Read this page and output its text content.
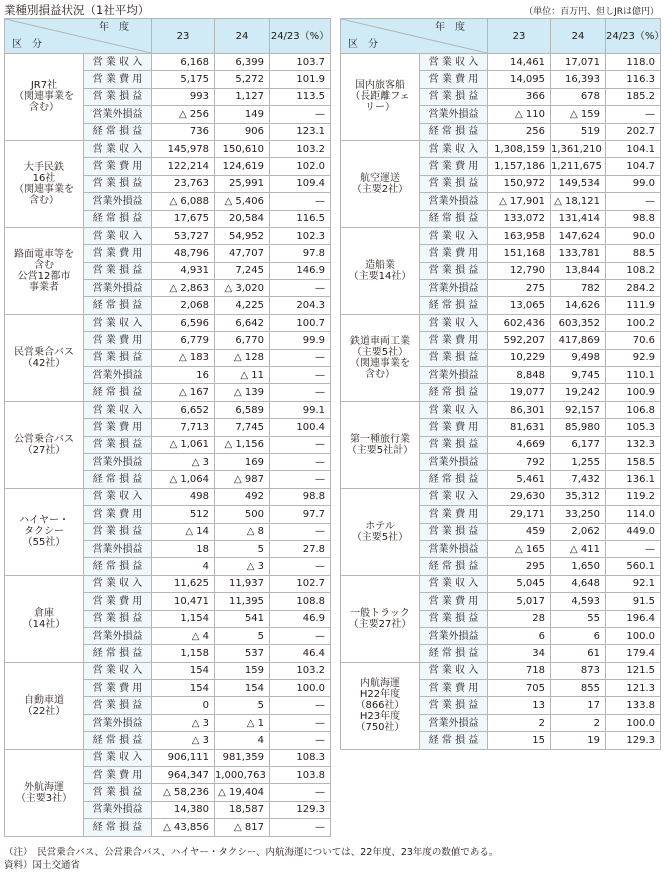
業種別損益状況（1社平均）	（単位：百万円、但しJRは億円）
年　度
区　分		23	24	24/23（%）

JR7社
（関連事業を
含む）	営 業 収 入	6,168	6,399	103.7
	営 業 費 用	5,175	5,272	101.9
	営 業 損 益	993	1,127	113.5
	営業外損益	△ 256	149	—
	経 常 損 益	736	906	123.1

大手民鉄
16社
（関連事業を
含む）	営 業 収 入	145,978	150,610	103.2
	営 業 費 用	122,214	124,619	102.0
	営 業 損 益	23,763	25,991	109.4
	営業外損益	△ 6,088	△ 5,406	—
	経 常 損 益	17,675	20,584	116.5

路面電車等を
含む
公営12都市
事業者	営 業 収 入	53,727	54,952	102.3
	営 業 費 用	48,796	47,707	97.8
	営 業 損 益	4,931	7,245	146.9
	営業外損益	△ 2,863	△ 3,020	—
	経 常 損 益	2,068	4,225	204.3

民営乗合バス
（42社）	営 業 収 入	6,596	6,642	100.7
	営 業 費 用	6,779	6,770	99.9
	営 業 損 益	△ 183	△ 128	—
	営業外損益	16	△ 11	—
	経 常 損 益	△ 167	△ 139	—

公営乗合バス
（27社）	営 業 収 入	6,652	6,589	99.1
	営 業 費 用	7,713	7,745	100.4
	営 業 損 益	△ 1,061	△ 1,156	—
	営業外損益	△ 3	169	—
	経 常 損 益	△ 1,064	△ 987	—

ハイヤー・
タクシー
（55社）	営 業 収 入	498	492	98.8
	営 業 費 用	512	500	97.7
	営 業 損 益	△ 14	△ 8	—
	営業外損益	18	5	27.8
	経 常 損 益	4	△ 3	—

倉庫
（14社）	営 業 収 入	11,625	11,937	102.7
	営 業 費 用	10,471	11,395	108.8
	営 業 損 益	1,154	541	46.9
	営業外損益	△ 4	5	—
	経 常 損 益	1,158	537	46.4

自動車道
（22社）	営 業 収 入	154	159	103.2
	営 業 費 用	154	154	100.0
	営 業 損 益	0	5	—
	営業外損益	△ 3	△ 1	—
	経 常 損 益	△ 3	4	—

外航海運
（主要3社）	営 業 収 入	906,111	981,359	108.3
	営 業 費 用	964,347	1,000,763	103.8
	営 業 損 益	△ 58,236	△ 19,404	—
	営業外損益	14,380	18,587	129.3
	経 常 損 益	△ 43,856	△ 817	—
年　度
区　分		23	24	24/23（%）

国内旅客船
（長距離フェ
リー）	営 業 収 入	14,461	17,071	118.0
	営 業 費 用	14,095	16,393	116.3
	営 業 損 益	366	678	185.2
	営業外損益	△ 110	△ 159	—
	経 常 損 益	256	519	202.7

航空運送
（主要2社）	営 業 収 入	1,308,159	1,361,210	104.1
	営 業 費 用	1,157,186	1,211,675	104.7
	営 業 損 益	150,972	149,534	99.0
	営業外損益	△ 17,901	△ 18,121	—
	経 常 損 益	133,072	131,414	98.8

造船業
（主要14社）	営 業 収 入	163,958	147,624	90.0
	営 業 費 用	151,168	133,781	88.5
	営 業 損 益	12,790	13,844	108.2
	営業外損益	275	782	284.2
	経 常 損 益	13,065	14,626	111.9

鉄道車両工業
（主要5社）
（関連事業を
含む）	営 業 収 入	602,436	603,352	100.2
	営 業 費 用	592,207	417,869	70.6
	営 業 損 益	10,229	9,498	92.9
	営業外損益	8,848	9,745	110.1
	経 常 損 益	19,077	19,242	100.9

第一種旅行業
（主要5社計）	営 業 収 入	86,301	92,157	106.8
	営 業 費 用	81,631	85,980	105.3
	営 業 損 益	4,669	6,177	132.3
	営業外損益	792	1,255	158.5
	経 常 損 益	5,461	7,432	136.1

ホテル
（主要5社）	営 業 収 入	29,630	35,312	119.2
	営 業 費 用	29,171	33,250	114.0
	営 業 損 益	459	2,062	449.0
	営業外損益	△ 165	△ 411	—
	経 常 損 益	295	1,650	560.1

一般トラック
（主要27社）	営 業 収 入	5,045	4,648	92.1
	営 業 費 用	5,017	4,593	91.5
	営 業 損 益	28	55	196.4
	営業外損益	6	6	100.0
	経 常 損 益	34	61	179.4

内航海運
H22年度
（866社）
H23年度
（750社）	営 業 収 入	718	873	121.5
	営 業 費 用	705	855	121.3
	営 業 損 益	13	17	133.8
	営業外損益	2	2	100.0
	経 常 損 益	15	19	129.3
（注）　民営乗合バス、公営乗合バス、ハイヤー・タクシー、内航海運については、22年度、23年度の数値である。
資料）国土交通省
